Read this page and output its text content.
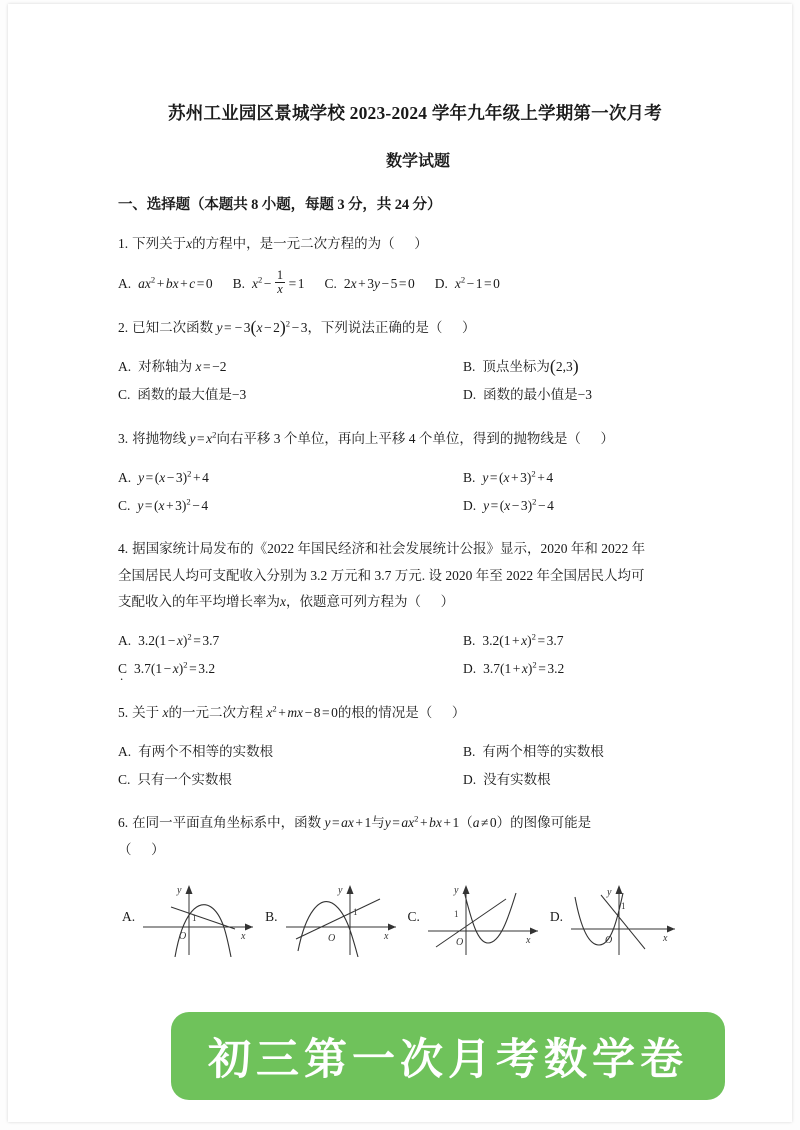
苏州工业园区景城学校 2023-2024 学年九年级上学期第一次月考
数学试题
一、选择题（本题共 8 小题，每题 3 分，共 24 分）
1. 下列关于x的方程中，是一元二次方程的为（ ）
A. $ax^2$ + bx + c = 0 B. $x^2 - \frac{1}{x} = 1$ C. 2x + 3y − 5 = 0 D. $x^2 - 1 = 0$
2. 已知二次函数 y = − $3(x - 2)^2 - 3$，下列说法正确的是（ ）
A. 对称轴为 x = −2	B. 顶点坐标为(2,3)
C. 函数的最大值是−3	D. 函数的最小值是−3
3. 将抛物线 $y = x^2$向右平移 3 个单位，再向上平移 4 个单位，得到的抛物线是（ ）
A. $y = (x - 3)^2 + 4$	B. $y = (x + 3)^2 + 4$
C. $y = (x + 3)^2 - 4$	D. $y = (x - 3)^2 - 4$
4. 据国家统计局发布的《2022 年国民经济和社会发展统计公报》显示，2020 年和 2022 年
全国居民人均可支配收入分别为 3.2 万元和 3.7 万元. 设 2020 年至 2022 年全国居民人均可
支配收入的年平均增长率为x，依题意可列方程为（ ）
A. $3.2(1 - x)^2 = 3.7$	B. $3.2(1 + x)^2 = 3.7$
C . $3.7(1 - x)^2 = 3.2$	D. $3.7(1 + x)^2 = 3.2$
5. 关于 x的一元二次方程 $x^2$ + mx − 8 = 0的根的情况是（ ）
A. 有两个不相等的实数根	B. 有两个相等的实数根
C. 只有一个实数根	D. 没有实数根
6. 在同一平面直角坐标系中，函数 y = ax + 1与$y = ax^2$ + bx + 1（a ≠ 0）的图像可能是
（ ）
A.
y
x
O
1	B.
y
x
O
1	C.
y
x
O
1	D.
y
x
O
1
初三第一次月考数学卷
